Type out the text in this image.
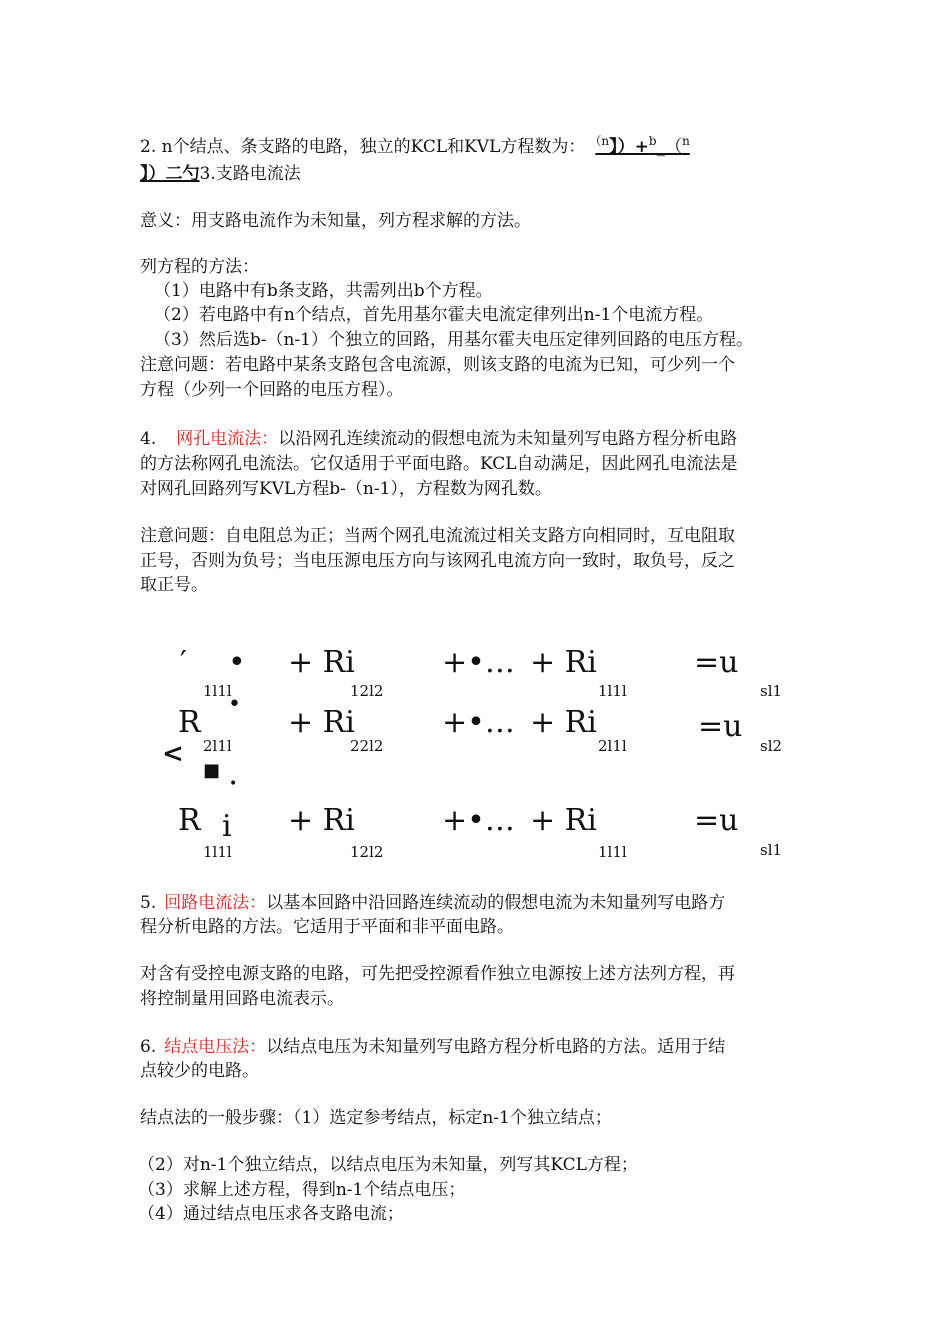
2. n个结点、条支路的电路，独立的KCL和KVL方程数为： $^{(n}$】）+$^b$_（$^n$
】）二勺3.支路电流法
意义：用支路电流作为未知量，列方程求解的方法。
列方程的方法：
（1）电路中有b条支路，共需列出b个方程。
（2）若电路中有n个结点，首先用基尔霍夫电流定律列出n-1个电流方程。
（3）然后选b-（n-1）个独立的回路，用基尔霍夫电压定律列回路的电压方程。
注意问题：若电路中某条支路包含电流源，则该支路的电流为已知，可少列一个
方程（少列一个回路的电压方程）。
4. 网孔电流法：以沿网孔连续流动的假想电流为未知量列写电路方程分析电路
的方法称网孔电流法。它仅适用于平面电路。KCL自动满足，因此网孔电流法是
对网孔回路列写KVL方程b-（n-1），方程数为网孔数。
注意问题：自电阻总为正；当两个网孔电流流过相关支路方向相同时，互电阻取
正号，否则为负号；当电压源电压方向与该网孔电流方向一致时，取负号，反之
取正号。
′ • + Ri	+•… + Ri	=u
1l1l	12l2	1l1l	sl1
R
•
+ Ri	+•… + Ri	=u
2l1l	22l2	2l1l	sl2
<
■
•
R i + Ri	+•… + Ri	=u
1l1l	12l2	1l1l	sl1
5. 回路电流法：以基本回路中沿回路连续流动的假想电流为未知量列写电路方
程分析电路的方法。它适用于平面和非平面电路。
对含有受控电源支路的电路，可先把受控源看作独立电源按上述方法列方程，再
将控制量用回路电流表示。
6. 结点电压法：以结点电压为未知量列写电路方程分析电路的方法。适用于结
点较少的电路。
结点法的一般步骤：（1）选定参考结点，标定n-1个独立结点；
（2）对n-1个独立结点，以结点电压为未知量，列写其KCL方程；
（3）求解上述方程，得到n-1个结点电压；
（4）通过结点电压求各支路电流；
